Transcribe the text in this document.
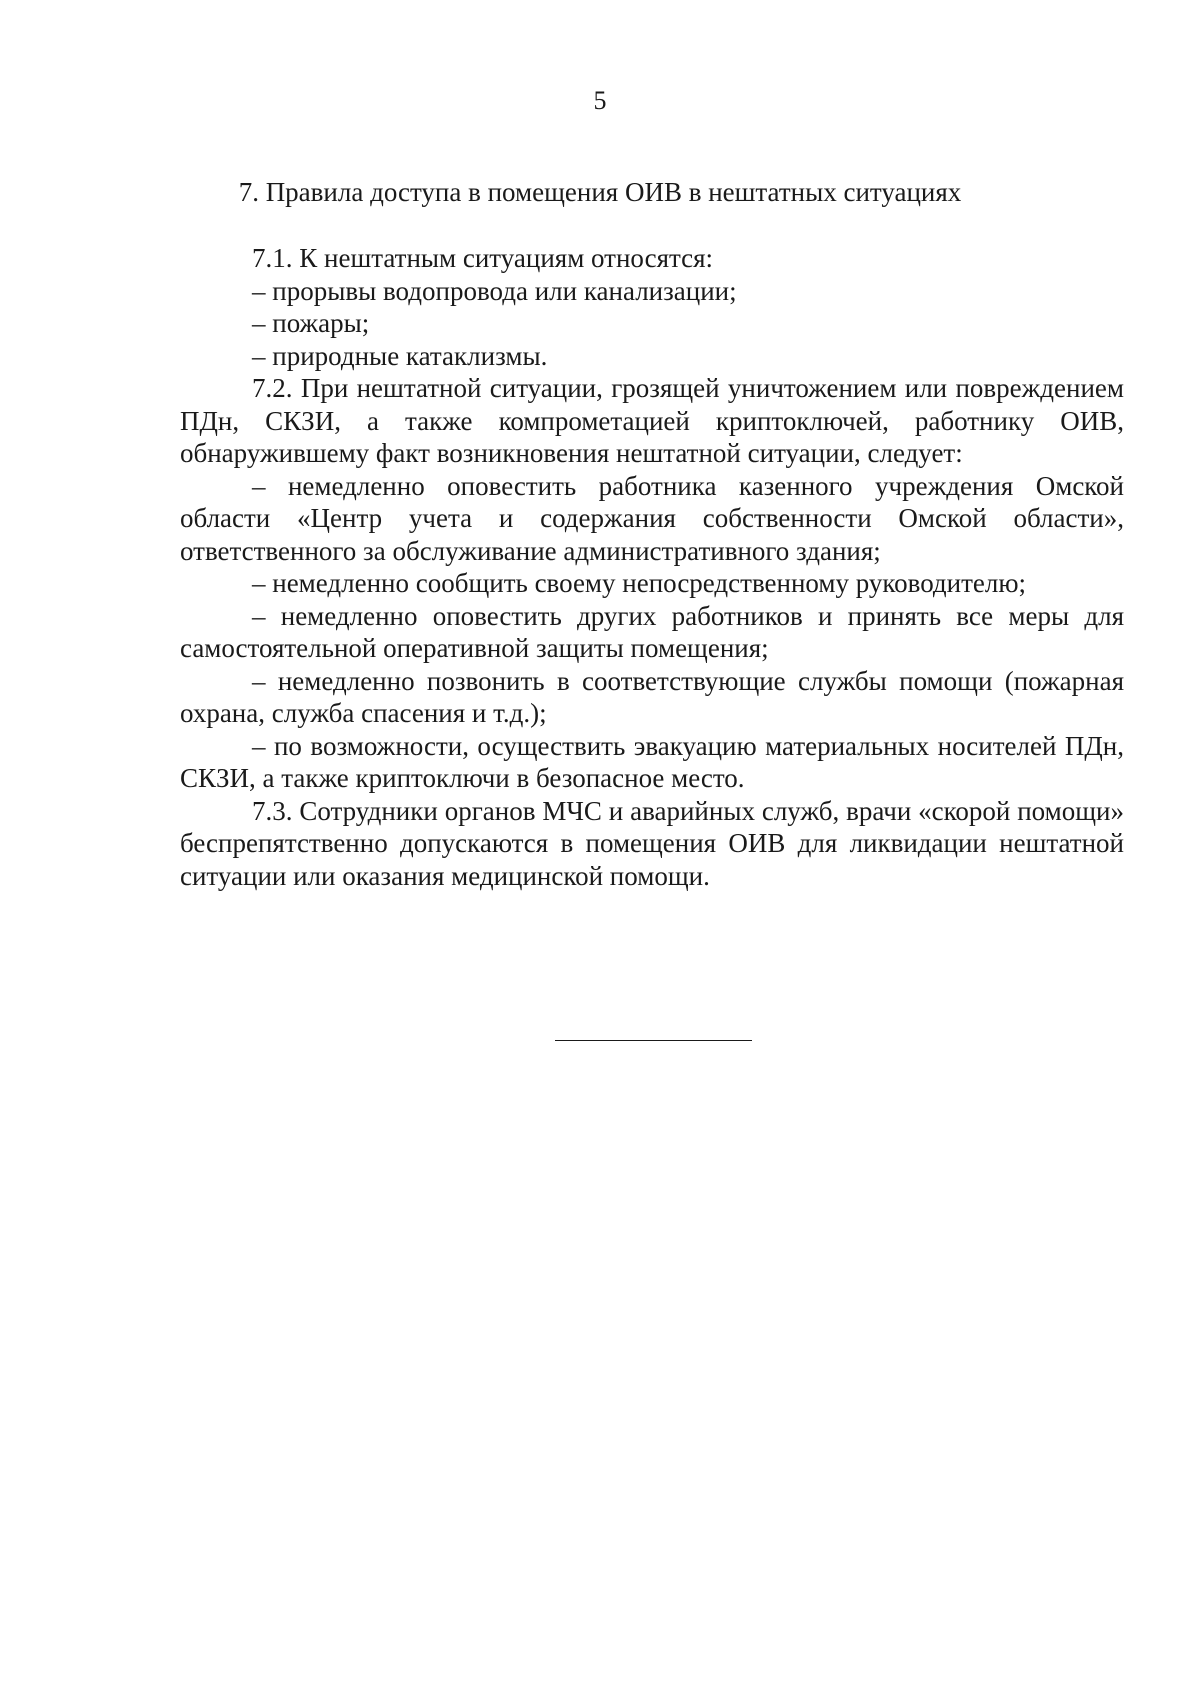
5
7. Правила доступа в помещения ОИВ в нештатных ситуациях

7.1. К нештатным ситуациям относятся:

– прорывы водопровода или канализации;

– пожары;

– природные катаклизмы.

7.2. При нештатной ситуации, грозящей уничтожением или повреждением ПДн, СКЗИ, а также компрометацией криптоключей, работнику ОИВ, обнаружившему факт возникновения нештатной ситуации, следует:

– немедленно оповестить работника казенного учреждения Омской области «Центр учета и содержания собственности Омской области», ответственного за обслуживание административного здания;

– немедленно сообщить своему непосредственному руководителю;

– немедленно оповестить других работников и принять все меры для самостоятельной оперативной защиты помещения;

– немедленно позвонить в соответствующие службы помощи (пожарная охрана, служба спасения и т.д.);

– по возможности, осуществить эвакуацию материальных носителей ПДн, СКЗИ, а также криптоключи в безопасное место.

7.3. Сотрудники органов МЧС и аварийных служб, врачи «скорой помощи» беспрепятственно допускаются в помещения ОИВ для ликвидации нештатной ситуации или оказания медицинской помощи.
